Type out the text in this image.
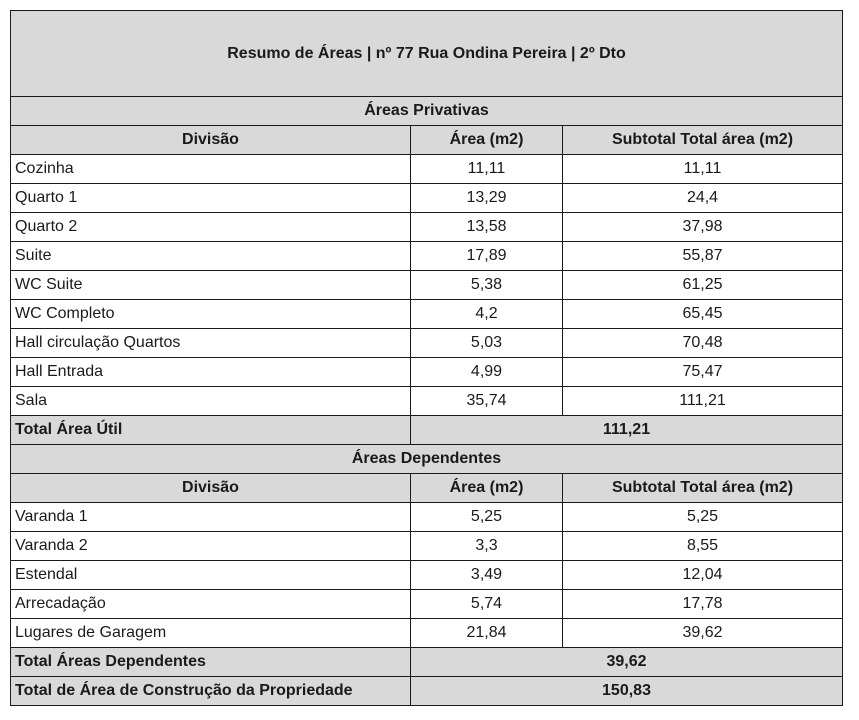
Resumo de Áreas | nº 77 Rua Ondina Pereira | 2º Dto		
Áreas Privativas		
Divisão	Área (m2)	Subtotal Total área (m2)
Cozinha	11,11	11,11
Quarto 1	13,29	24,4
Quarto 2	13,58	37,98
Suite	17,89	55,87
WC Suite	5,38	61,25
WC Completo	4,2	65,45
Hall circulação Quartos	5,03	70,48
Hall Entrada	4,99	75,47
Sala	35,74	111,21
Total Área Útil	111,21	
Áreas Dependentes		
Divisão	Área (m2)	Subtotal Total área (m2)
Varanda 1	5,25	5,25
Varanda 2	3,3	8,55
Estendal	3,49	12,04
Arrecadação	5,74	17,78
Lugares de Garagem	21,84	39,62
Total Áreas Dependentes	39,62	
Total de Área de Construção da Propriedade	150,83	
